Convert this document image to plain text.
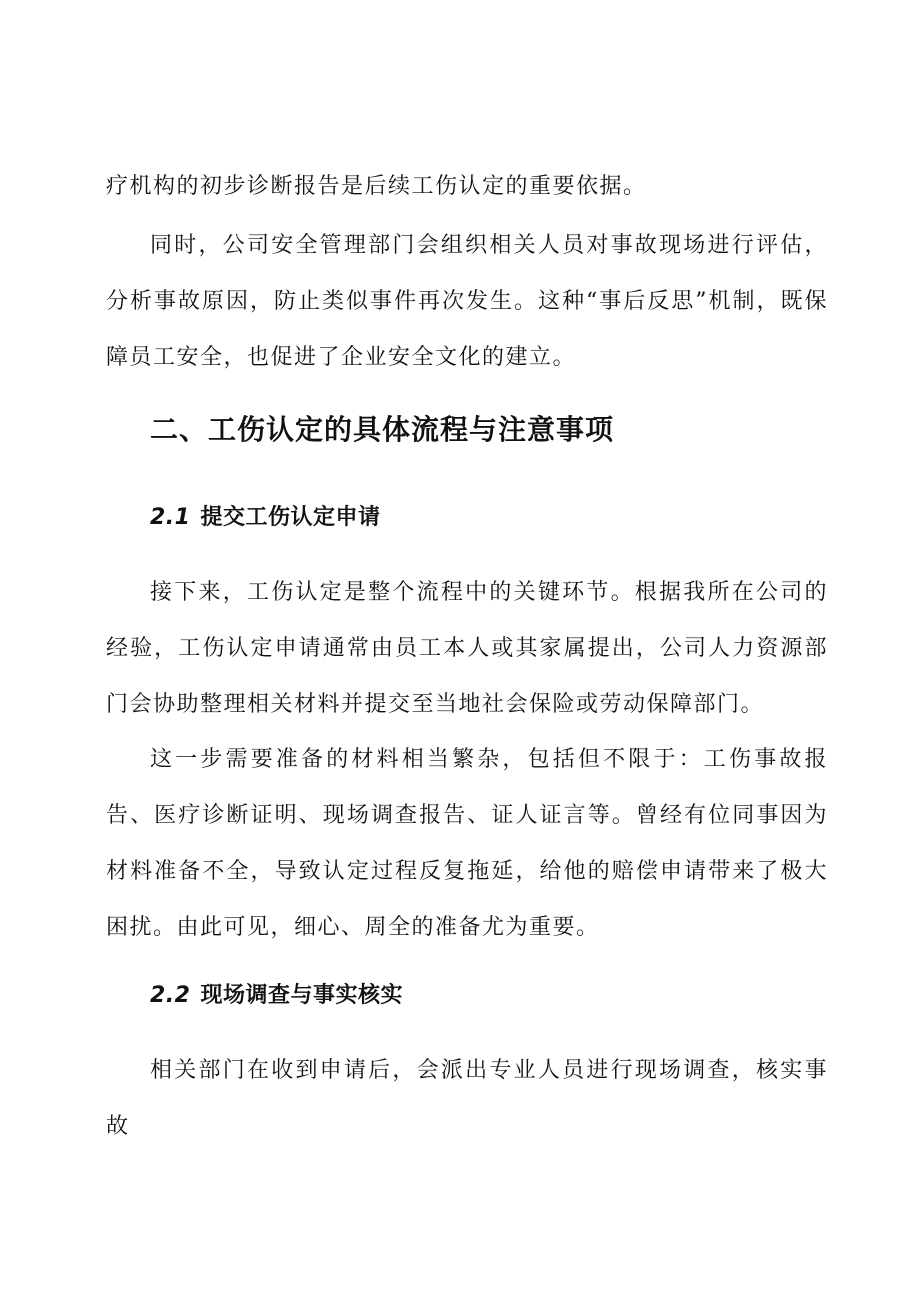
疗机构的初步诊断报告是后续工伤认定的重要依据。

同时，公司安全管理部门会组织相关人员对事故现场进行评估，分析事故原因，防止类似事件再次发生。这种“事后反思”机制，既保障员工安全，也促进了企业安全文化的建立。

二、工伤认定的具体流程与注意事项
2.1 提交工伤认定申请

接下来，工伤认定是整个流程中的关键环节。根据我所在公司的经验，工伤认定申请通常由员工本人或其家属提出，公司人力资源部门会协助整理相关材料并提交至当地社会保险或劳动保障部门。

这一步需要准备的材料相当繁杂，包括但不限于：工伤事故报告、医疗诊断证明、现场调查报告、证人证言等。曾经有位同事因为材料准备不全，导致认定过程反复拖延，给他的赔偿申请带来了极大困扰。由此可见，细心、周全的准备尤为重要。

2.2 现场调查与事实核实

相关部门在收到申请后，会派出专业人员进行现场调查，核实事故
